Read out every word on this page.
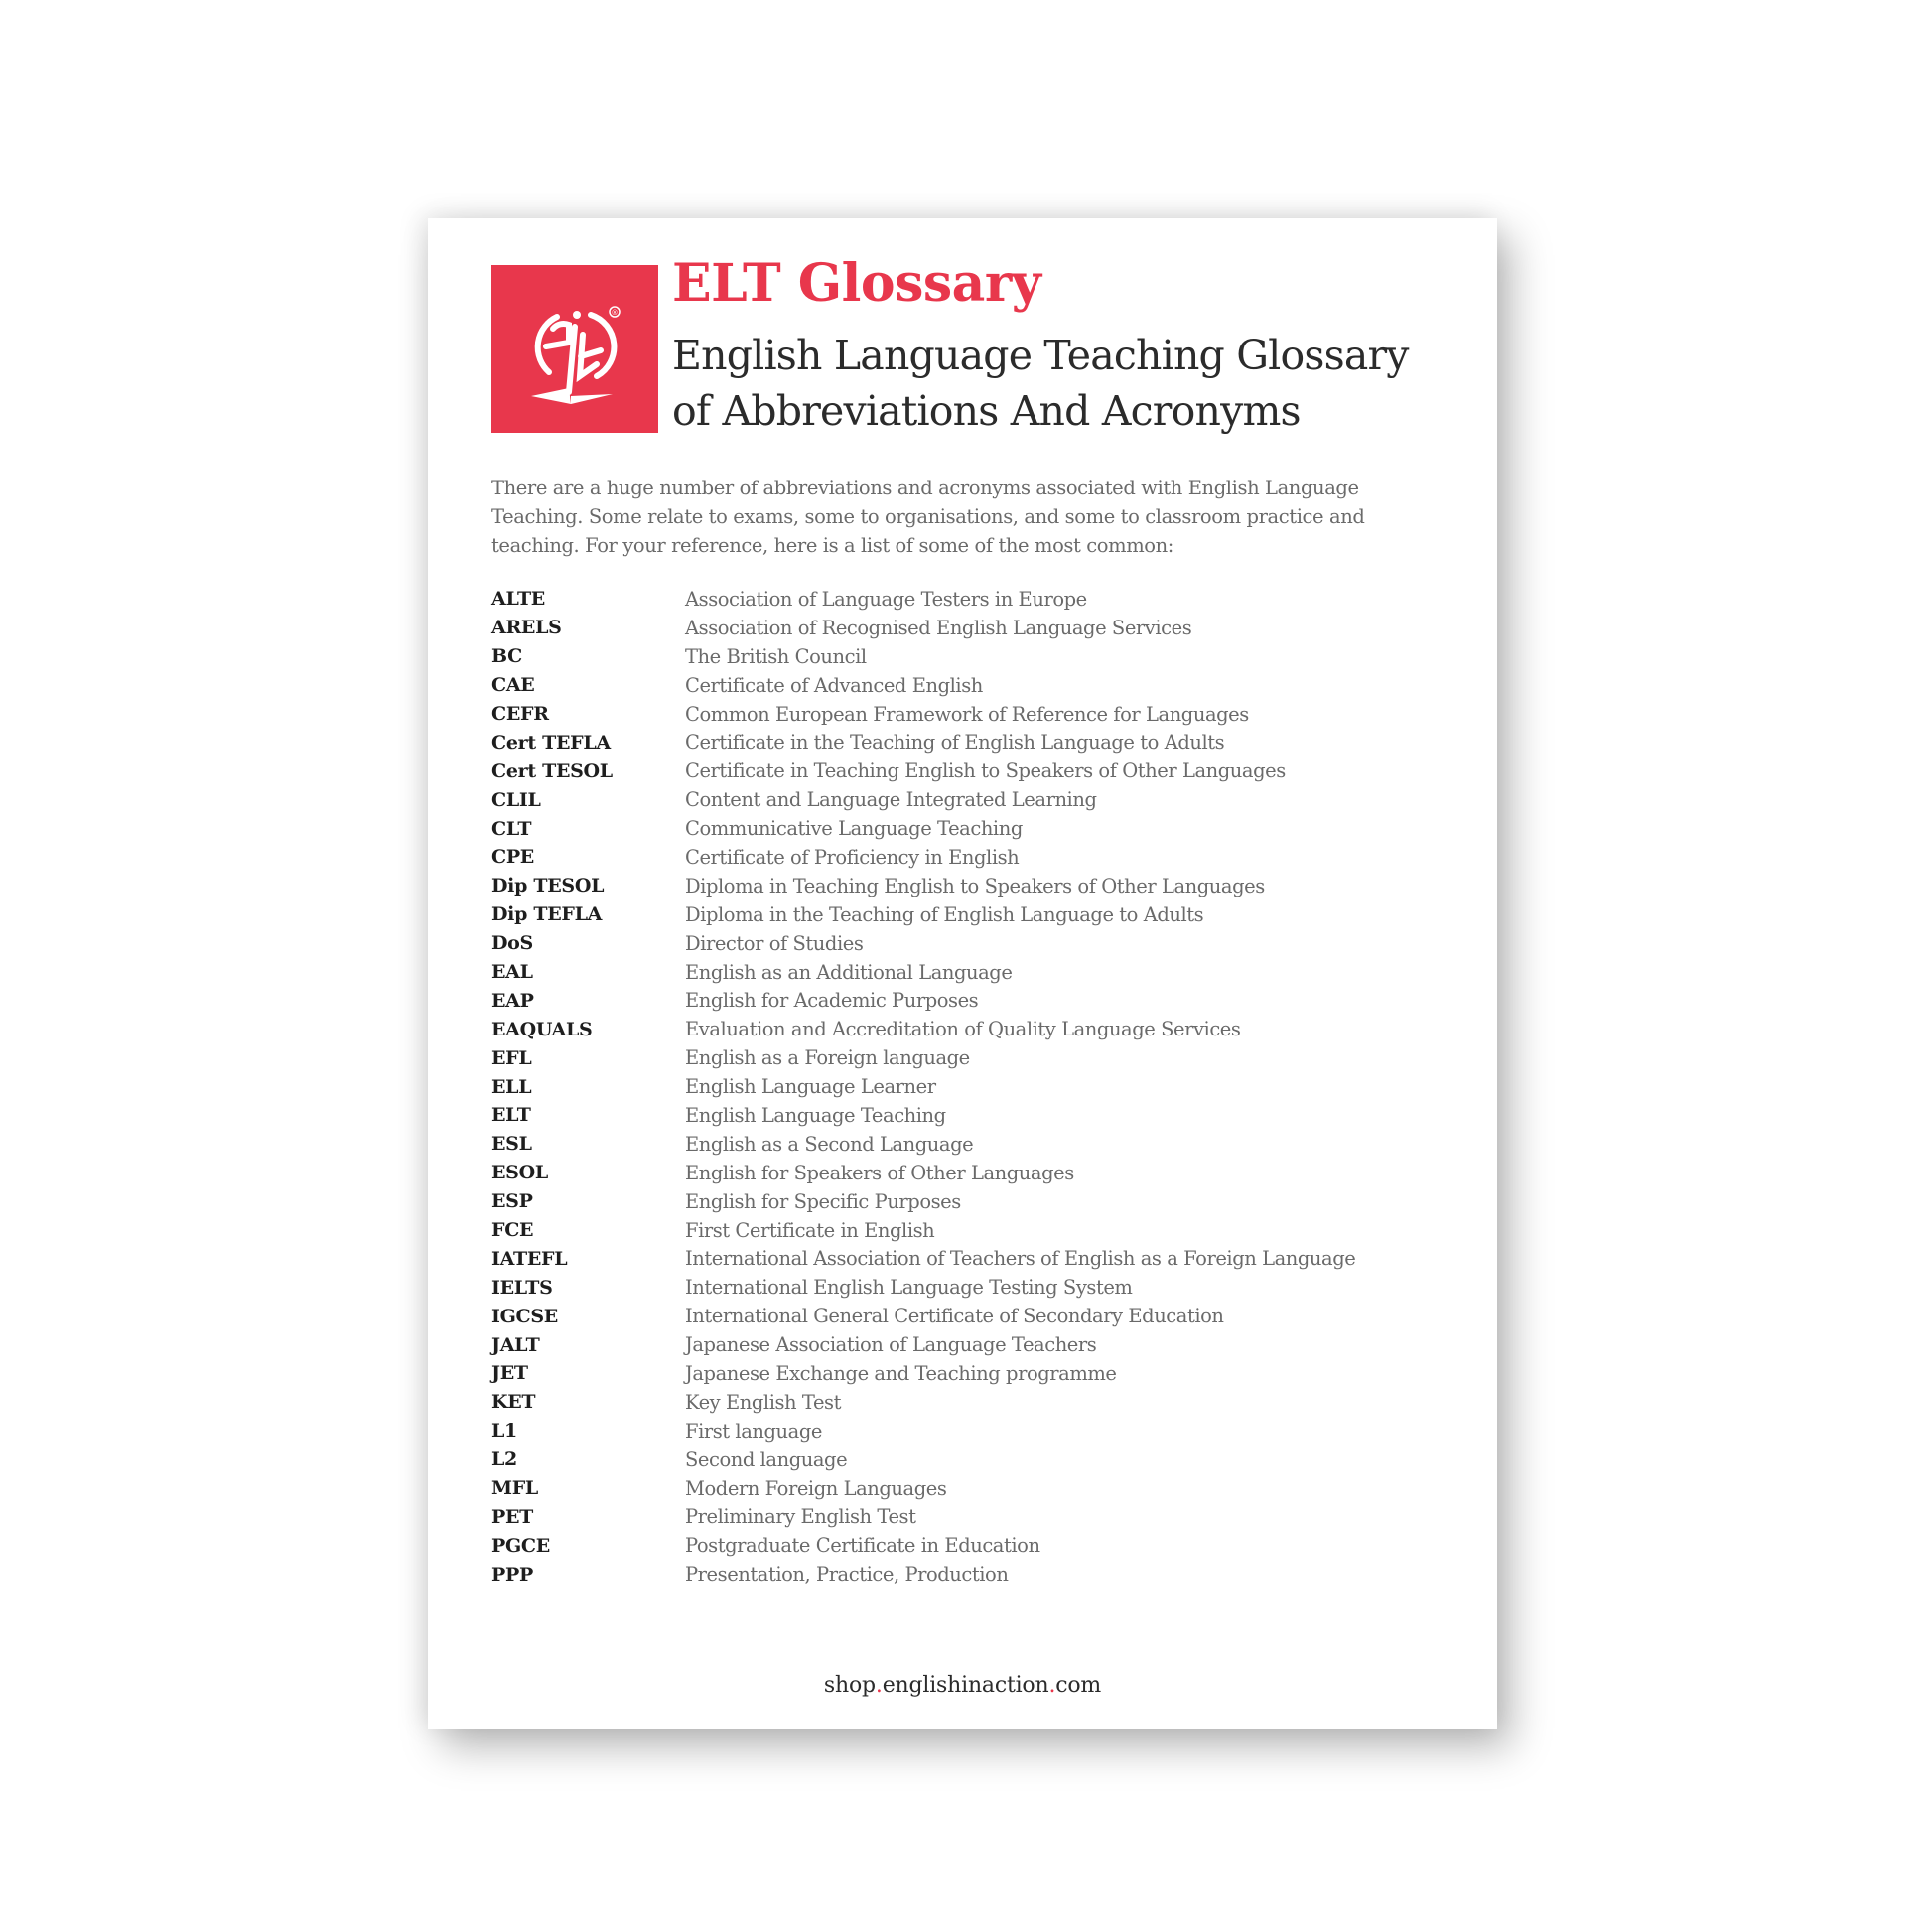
® ELT Glossary
English Language Teaching Glossary
of Abbreviations And Acronyms

There are a huge number of abbreviations and acronyms associated with English Language Teaching. Some relate to exams, some to organisations, and some to classroom practice and teaching. For your reference, here is a list of some of the most common:

ALTE	Association of Language Testers in Europe
ARELS	Association of Recognised English Language Services
BC	The British Council
CAE	Certificate of Advanced English
CEFR	Common European Framework of Reference for Languages
Cert TEFLA	Certificate in the Teaching of English Language to Adults
Cert TESOL	Certificate in Teaching English to Speakers of Other Languages
CLIL	Content and Language Integrated Learning
CLT	Communicative Language Teaching
CPE	Certificate of Proficiency in English
Dip TESOL	Diploma in Teaching English to Speakers of Other Languages
Dip TEFLA	Diploma in the Teaching of English Language to Adults
DoS	Director of Studies
EAL	English as an Additional Language
EAP	English for Academic Purposes
EAQUALS	Evaluation and Accreditation of Quality Language Services
EFL	English as a Foreign language
ELL	English Language Learner
ELT	English Language Teaching
ESL	English as a Second Language
ESOL	English for Speakers of Other Languages
ESP	English for Specific Purposes
FCE	First Certificate in English
IATEFL	International Association of Teachers of English as a Foreign Language
IELTS	International English Language Testing System
IGCSE	International General Certificate of Secondary Education
JALT	Japanese Association of Language Teachers
JET	Japanese Exchange and Teaching programme
KET	Key English Test
L1	First language
L2	Second language
MFL	Modern Foreign Languages
PET	Preliminary English Test
PGCE	Postgraduate Certificate in Education
PPP	Presentation, Practice, Production
shop.englishinaction.com
